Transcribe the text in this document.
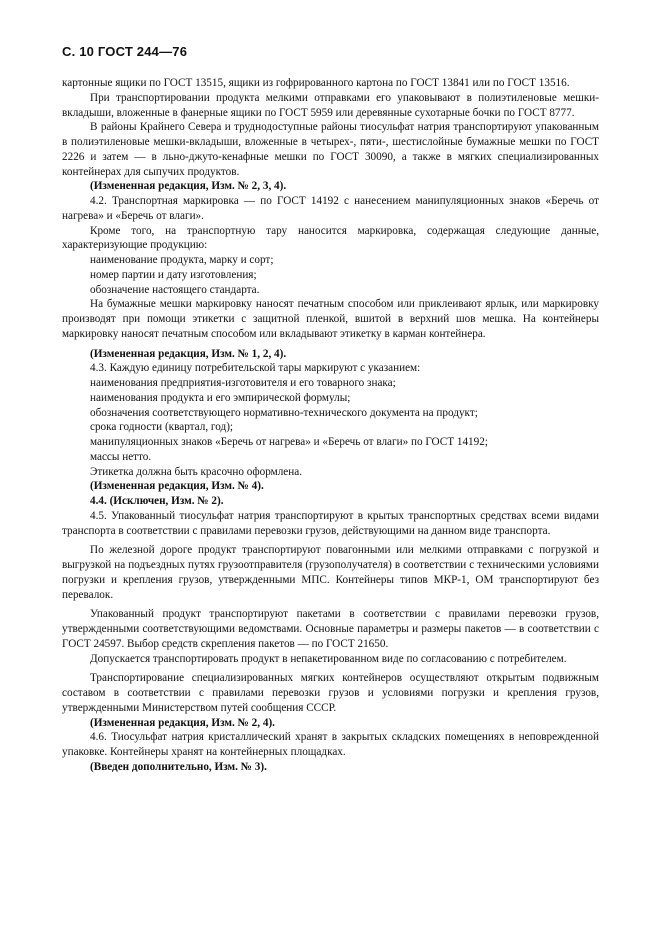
С. 10 ГОСТ 244—76

картонные ящики по ГОСТ 13515, ящики из гофрированного картона по ГОСТ 13841 или по ГОСТ 13516.

При транспортировании продукта мелкими отправками его упаковывают в полиэтиленовые мешки-вкладыши, вложенные в фанерные ящики по ГОСТ 5959 или деревянные сухотарные бочки по ГОСТ 8777.

В районы Крайнего Севера и труднодоступные районы тиосульфат натрия транспортируют упакованным в полиэтиленовые мешки-вкладыши, вложенные в четырех-, пяти-, шестислойные бумажные мешки по ГОСТ 2226 и затем — в льно-джуто-кенафные мешки по ГОСТ 30090, а также в мягких специализированных контейнерах для сыпучих продуктов.

(Измененная редакция, Изм. № 2, 3, 4).

4.2. Транспортная маркировка — по ГОСТ 14192 с нанесением манипуляционных знаков «Беречь от нагрева» и «Беречь от влаги».

Кроме того, на транспортную тару наносится маркировка, содержащая следующие данные, характеризующие продукцию:

наименование продукта, марку и сорт;

номер партии и дату изготовления;

обозначение настоящего стандарта.

На бумажные мешки маркировку наносят печатным способом или приклеивают ярлык, или маркировку производят при помощи этикетки с защитной пленкой, вшитой в верхний шов мешка. На контейнеры маркировку наносят печатным способом или вкладывают этикетку в карман контейнера.

(Измененная редакция, Изм. № 1, 2, 4).

4.3. Каждую единицу потребительской тары маркируют с указанием:

наименования предприятия-изготовителя и его товарного знака;

наименования продукта и его эмпирической формулы;

обозначения соответствующего нормативно-технического документа на продукт;

срока годности (квартал, год);

манипуляционных знаков «Беречь от нагрева» и «Беречь от влаги» по ГОСТ 14192;

массы нетто.

Этикетка должна быть красочно оформлена.

(Измененная редакция, Изм. № 4).

4.4. (Исключен, Изм. № 2).

4.5. Упакованный тиосульфат натрия транспортируют в крытых транспортных средствах всеми видами транспорта в соответствии с правилами перевозки грузов, действующими на данном виде транспорта.

По железной дороге продукт транспортируют повагонными или мелкими отправками с погрузкой и выгрузкой на подъездных путях грузоотправителя (грузополучателя) в соответствии с техническими условиями погрузки и крепления грузов, утвержденными МПС. Контейнеры типов МКР-1, ОМ транспортируют без перевалок.

Упакованный продукт транспортируют пакетами в соответствии с правилами перевозки грузов, утвержденными соответствующими ведомствами. Основные параметры и размеры пакетов — в соответствии с ГОСТ 24597. Выбор средств скрепления пакетов — по ГОСТ 21650.

Допускается транспортировать продукт в непакетированном виде по согласованию с потребителем.

Транспортирование специализированных мягких контейнеров осуществляют открытым подвижным составом в соответствии с правилами перевозки грузов и условиями погрузки и крепления грузов, утвержденными Министерством путей сообщения СССР.

(Измененная редакция, Изм. № 2, 4).

4.6. Тиосульфат натрия кристаллический хранят в закрытых складских помещениях в неповрежденной упаковке. Контейнеры хранят на контейнерных площадках.

(Введен дополнительно, Изм. № 3).
